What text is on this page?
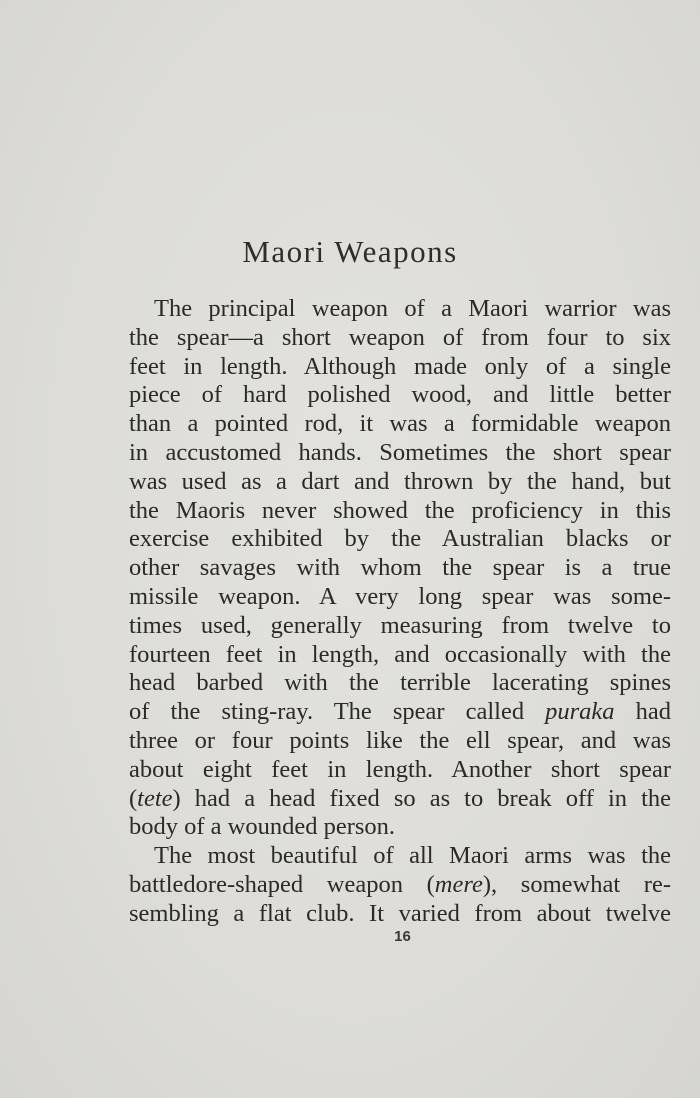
Maori Weapons
The principal weapon of a Maori warrior was
the spear—a short weapon of from four to six
feet in length. Although made only of a single
piece of hard polished wood, and little better
than a pointed rod, it was a formidable weapon
in accustomed hands. Sometimes the short spear
was used as a dart and thrown by the hand, but
the Maoris never showed the proficiency in this
exercise exhibited by the Australian blacks or
other savages with whom the spear is a true
missile weapon. A very long spear was some-
times used, generally measuring from twelve to
fourteen feet in length, and occasionally with the
head barbed with the terrible lacerating spines
of the sting-ray. The spear called puraka had
three or four points like the ell spear, and was
about eight feet in length. Another short spear
(tete) had a head fixed so as to break off in the
body of a wounded person.
The most beautiful of all Maori arms was the
battledore-shaped weapon (mere), somewhat re-
sembling a flat club. It varied from about twelve
16
